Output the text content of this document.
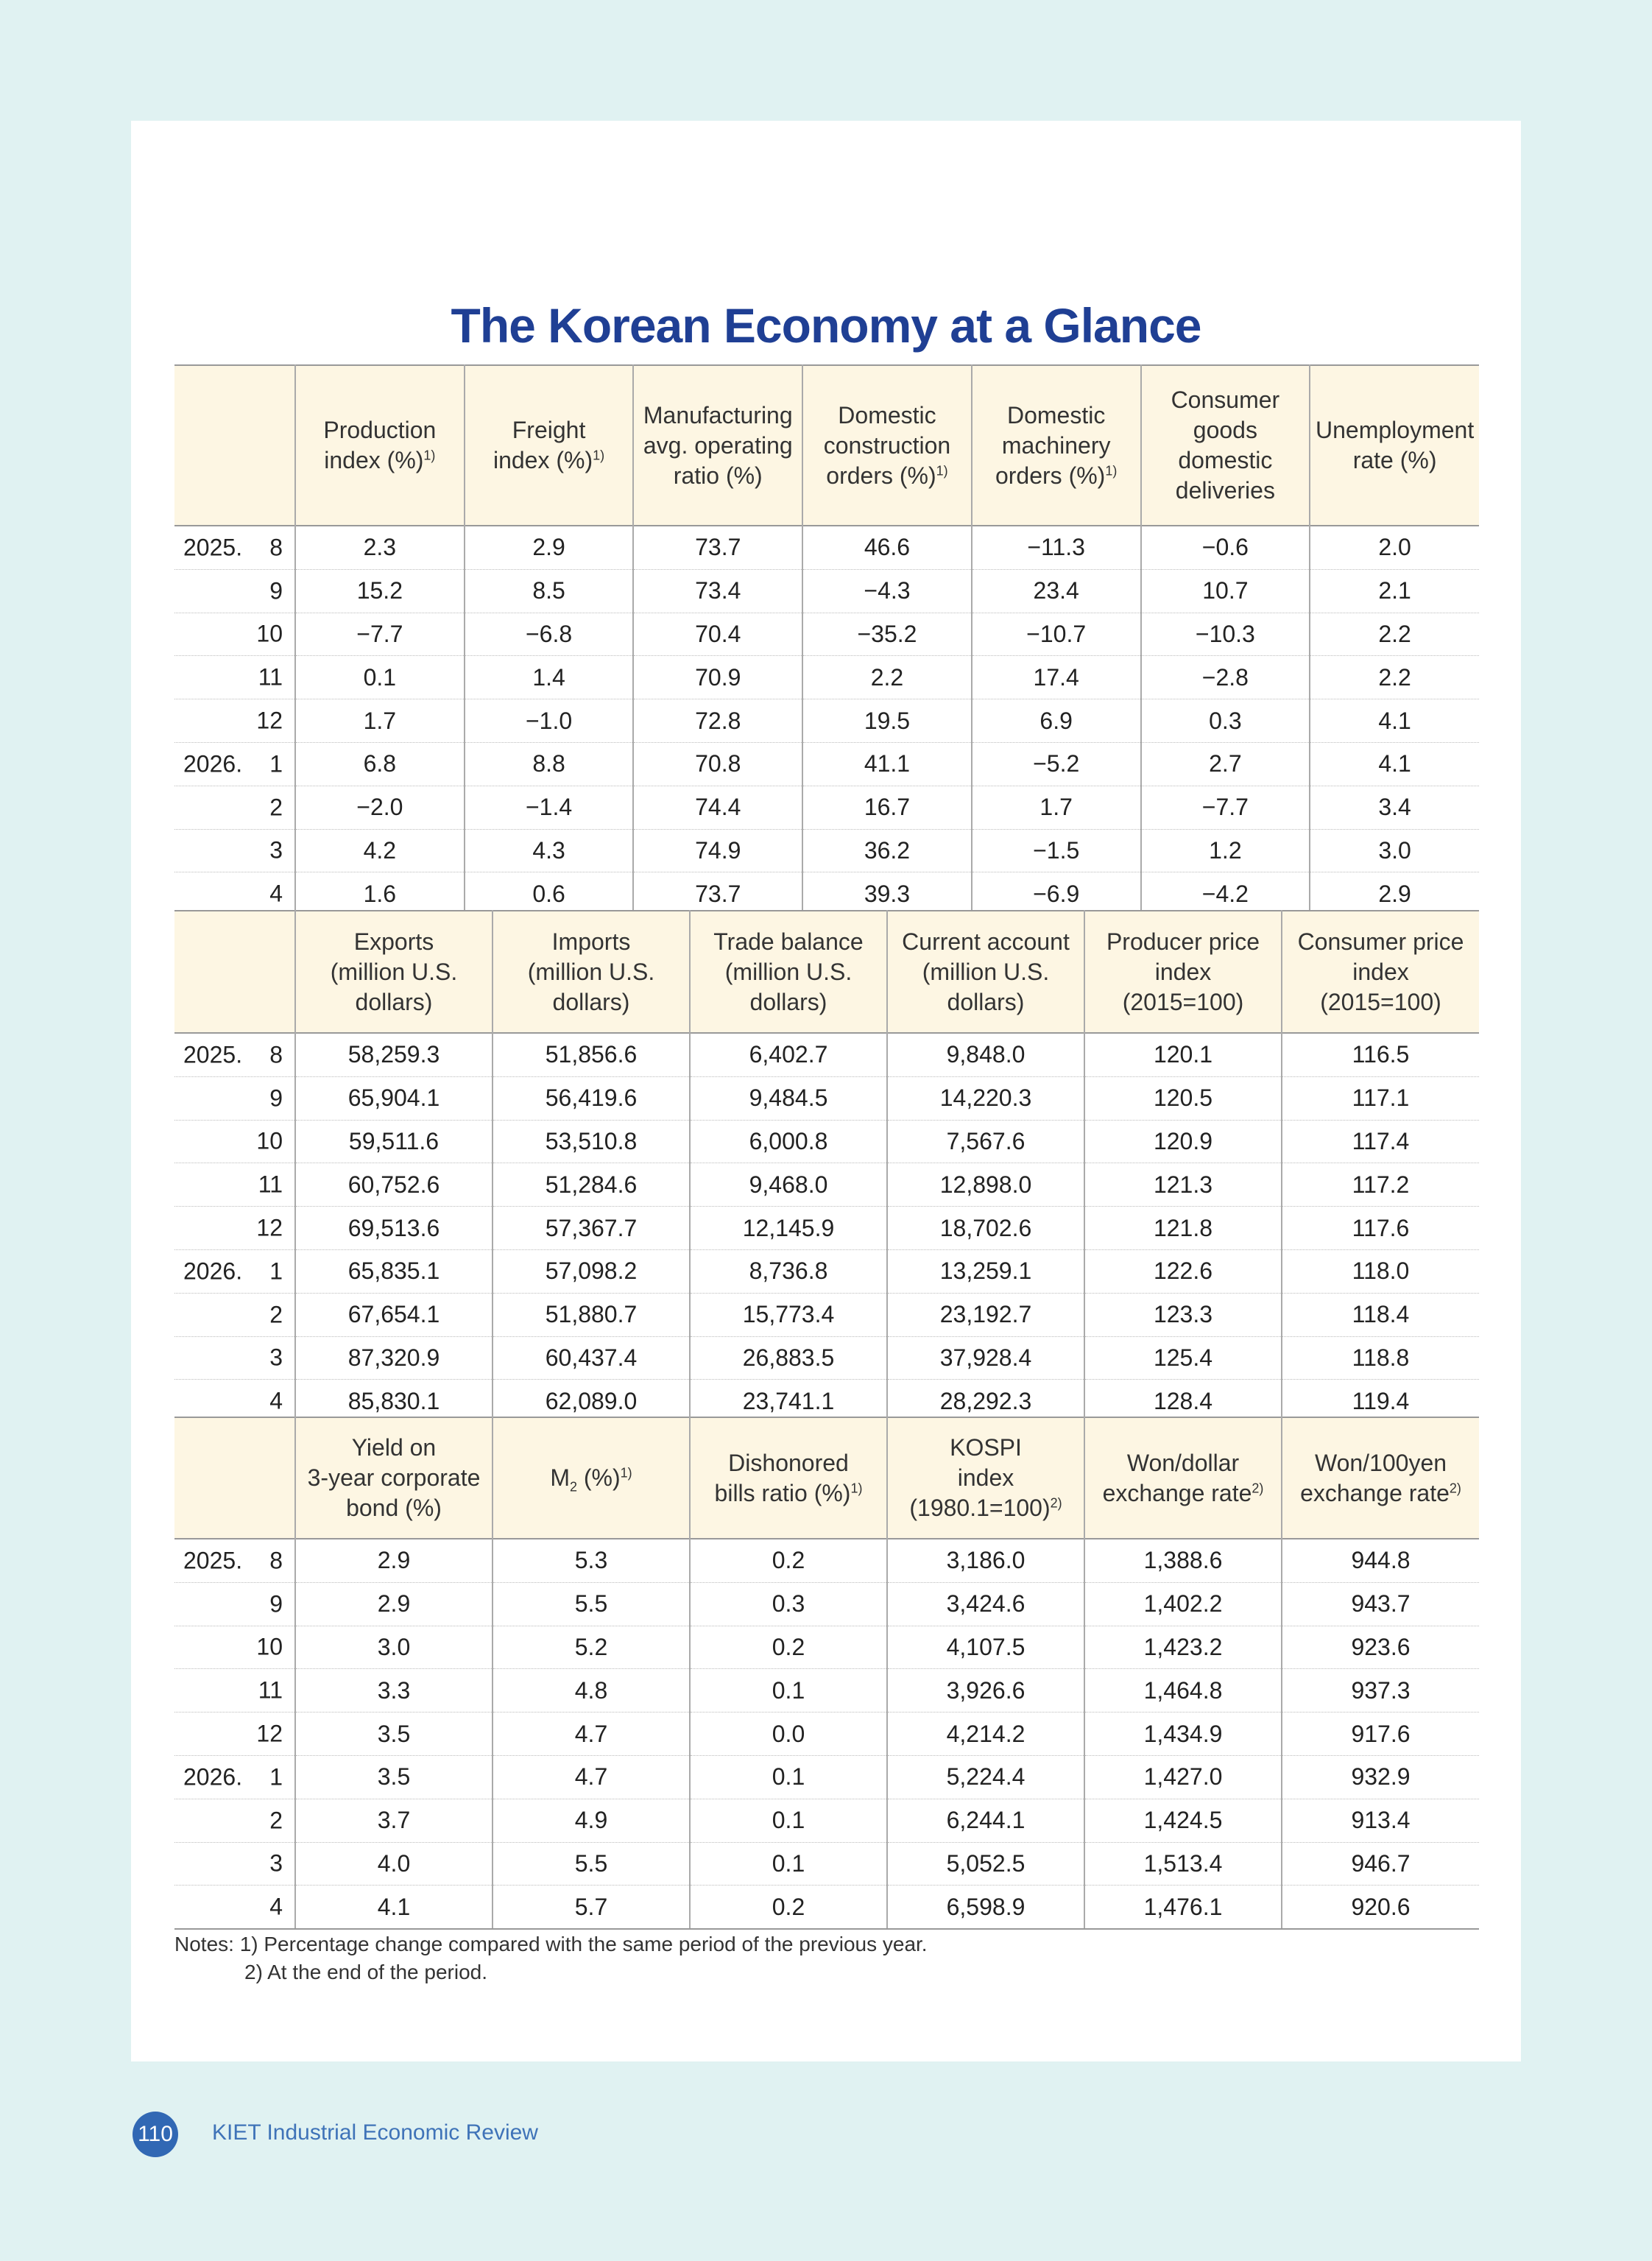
The Korean Economy at a Glance
	Production
index (%)$^{1)}$	Freight
index (%)$^{1)}$	Manufacturing
avg. operating
ratio (%)	Domestic
construction
orders (%)$^{1)}$	Domestic
machinery
orders (%)$^{1)}$	Consumer
goods
domestic
deliveries	Unemployment
rate (%)

2025. 8	2.3	2.9	73.7	46.6	−11.3	−0.6	2.0

9	15.2	8.5	73.4	−4.3	23.4	10.7	2.1

10	−7.7	−6.8	70.4	−35.2	−10.7	−10.3	2.2

11	0.1	1.4	70.9	2.2	17.4	−2.8	2.2

12	1.7	−1.0	72.8	19.5	6.9	0.3	4.1

2026. 1	6.8	8.8	70.8	41.1	−5.2	2.7	4.1

2	−2.0	−1.4	74.4	16.7	1.7	−7.7	3.4

3	4.2	4.3	74.9	36.2	−1.5	1.2	3.0

4	1.6	0.6	73.7	39.3	−6.9	−4.2	2.9
	Exports
(million U.S.
dollars)	Imports
(million U.S.
dollars)	Trade balance
(million U.S.
dollars)	Current account
(million U.S.
dollars)	Producer price
index
(2015=100)	Consumer price
index
(2015=100)

2025. 8	58,259.3	51,856.6	6,402.7	9,848.0	120.1	116.5

9	65,904.1	56,419.6	9,484.5	14,220.3	120.5	117.1

10	59,511.6	53,510.8	6,000.8	7,567.6	120.9	117.4

11	60,752.6	51,284.6	9,468.0	12,898.0	121.3	117.2

12	69,513.6	57,367.7	12,145.9	18,702.6	121.8	117.6

2026. 1	65,835.1	57,098.2	8,736.8	13,259.1	122.6	118.0

2	67,654.1	51,880.7	15,773.4	23,192.7	123.3	118.4

3	87,320.9	60,437.4	26,883.5	37,928.4	125.4	118.8

4	85,830.1	62,089.0	23,741.1	28,292.3	128.4	119.4
	Yield on
3-year corporate
bond (%)	$M_2$ (%)$^{1)}$	Dishonored
bills ratio (%)$^{1)}$	KOSPI
index
(1980.1=100)$^{2)}$	Won/dollar
exchange rate$^{2)}$	Won/100yen
exchange rate$^{2)}$

2025. 8	2.9	5.3	0.2	3,186.0	1,388.6	944.8

9	2.9	5.5	0.3	3,424.6	1,402.2	943.7

10	3.0	5.2	0.2	4,107.5	1,423.2	923.6

11	3.3	4.8	0.1	3,926.6	1,464.8	937.3

12	3.5	4.7	0.0	4,214.2	1,434.9	917.6

2026. 1	3.5	4.7	0.1	5,224.4	1,427.0	932.9

2	3.7	4.9	0.1	6,244.1	1,424.5	913.4

3	4.0	5.5	0.1	5,052.5	1,513.4	946.7

4	4.1	5.7	0.2	6,598.9	1,476.1	920.6
Notes: 1) Percentage change compared with the same period of the previous year.
2) At the end of the period.
110 KIET Industrial Economic Review
